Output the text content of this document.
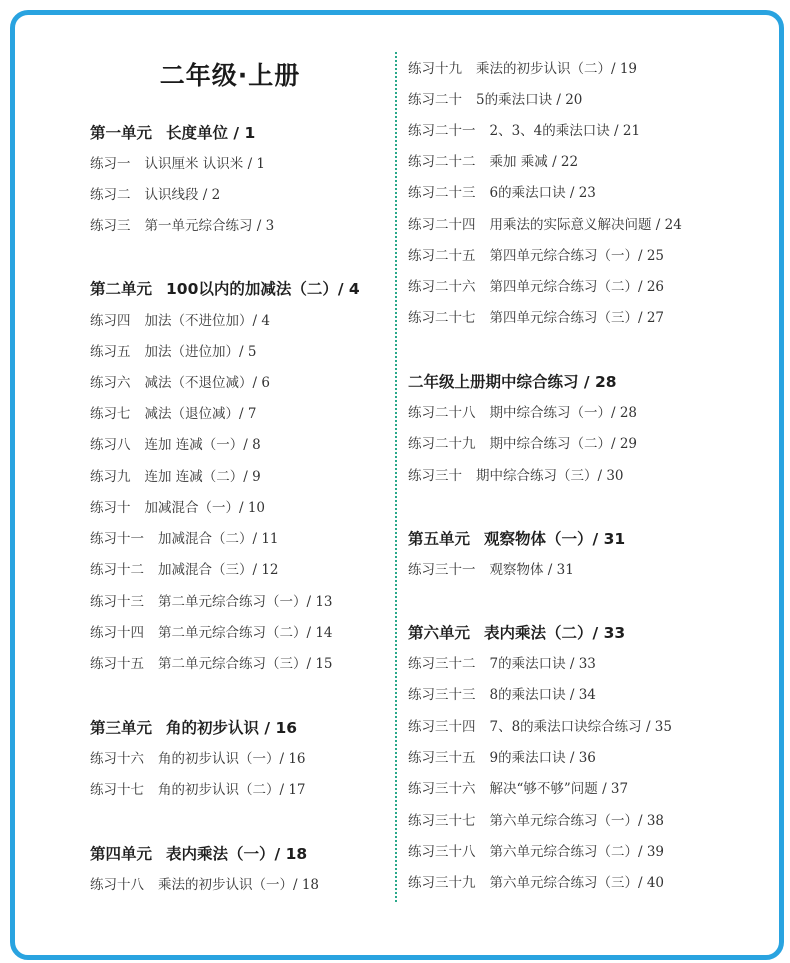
二年级·上册
第一单元 长度单位 / 1
练习一 认识厘米 认识米 / 1
练习二 认识线段 / 2
练习三 第一单元综合练习 / 3
第二单元 100以内的加减法（二）/ 4
练习四 加法（不进位加）/ 4
练习五 加法（进位加）/ 5
练习六 减法（不退位减）/ 6
练习七 减法（退位减）/ 7
练习八 连加 连减（一）/ 8
练习九 连加 连减（二）/ 9
练习十 加减混合（一）/ 10
练习十一 加减混合（二）/ 11
练习十二 加减混合（三）/ 12
练习十三 第二单元综合练习（一）/ 13
练习十四 第二单元综合练习（二）/ 14
练习十五 第二单元综合练习（三）/ 15
第三单元 角的初步认识 / 16
练习十六 角的初步认识（一）/ 16
练习十七 角的初步认识（二）/ 17
第四单元 表内乘法（一）/ 18
练习十八 乘法的初步认识（一）/ 18
练习十九 乘法的初步认识（二）/ 19
练习二十 5的乘法口诀 / 20
练习二十一 2、3、4的乘法口诀 / 21
练习二十二 乘加 乘减 / 22
练习二十三 6的乘法口诀 / 23
练习二十四 用乘法的实际意义解决问题 / 24
练习二十五 第四单元综合练习（一）/ 25
练习二十六 第四单元综合练习（二）/ 26
练习二十七 第四单元综合练习（三）/ 27
二年级上册期中综合练习 / 28
练习二十八 期中综合练习（一）/ 28
练习二十九 期中综合练习（二）/ 29
练习三十 期中综合练习（三）/ 30
第五单元 观察物体（一）/ 31
练习三十一 观察物体 / 31
第六单元 表内乘法（二）/ 33
练习三十二 7的乘法口诀 / 33
练习三十三 8的乘法口诀 / 34
练习三十四 7、8的乘法口诀综合练习 / 35
练习三十五 9的乘法口诀 / 36
练习三十六 解决“够不够”问题 / 37
练习三十七 第六单元综合练习（一）/ 38
练习三十八 第六单元综合练习（二）/ 39
练习三十九 第六单元综合练习（三）/ 40
